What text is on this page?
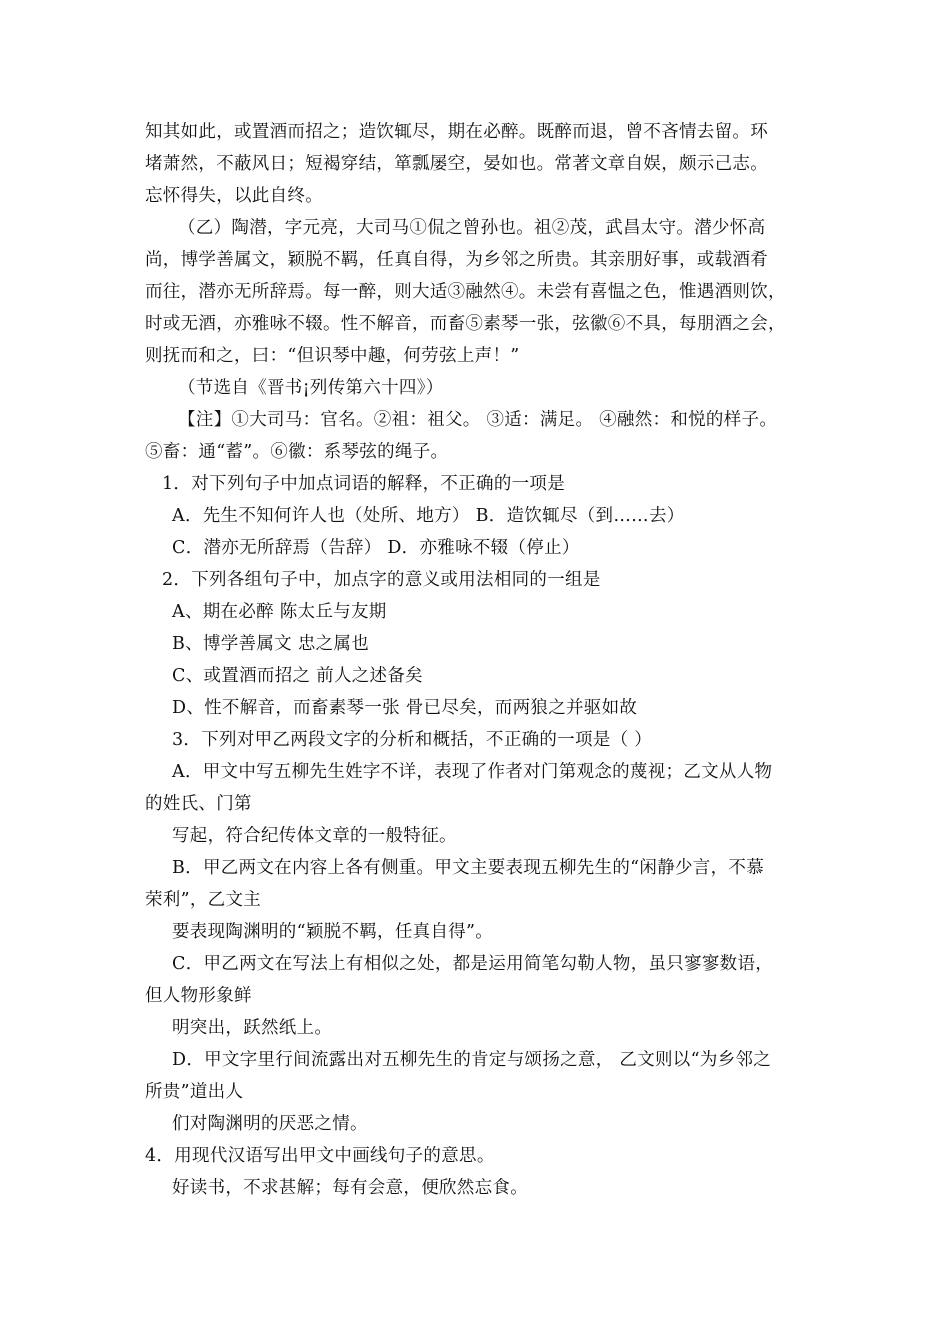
知其如此，或置酒而招之；造饮辄尽，期在必醉。既醉而退，曾不吝情去留。环
堵萧然，不蔽风日；短褐穿结，箪瓢屡空，晏如也。常著文章自娱，颇示己志。
忘怀得失，以此自终。
（乙）陶潜，字元亮，大司马①侃之曾孙也。祖②茂，武昌太守。潜少怀高
尚，博学善属文，颖脱不羁，任真自得，为乡邻之所贵。其亲朋好事，或载酒肴
而往，潜亦无所辞焉。每一醉，则大适③融然④。未尝有喜愠之色，惟遇酒则饮，
时或无酒，亦雅咏不辍。性不解音，而畜⑤素琴一张，弦徽⑥不具，每朋酒之会，
则抚而和之，曰：“但识琴中趣，何劳弦上声！”
（节选自《晋书¡列传第六十四》）
【注】①大司马：官名。②祖：祖父。 ③适：满足。 ④融然：和悦的样子。
⑤畜：通“蓄”。⑥徽：系琴弦的绳子。
1．对下列句子中加点词语的解释，不正确的一项是
A．先生不知何许人也（处所、地方） B．造饮辄尽（到……去）
C．潜亦无所辞焉（告辞） D．亦雅咏不辍（停止）
2．下列各组句子中，加点字的意义或用法相同的一组是
A、期在必醉 陈太丘与友期
B、博学善属文 忠之属也
C、或置酒而招之 前人之述备矣
D、性不解音，而畜素琴一张 骨已尽矣，而两狼之并驱如故
3．下列对甲乙两段文字的分析和概括，不正确的一项是（ ）
A．甲文中写五柳先生姓字不详，表现了作者对门第观念的蔑视；乙文从人物
的姓氏、门第
写起，符合纪传体文章的一般特征。
B．甲乙两文在内容上各有侧重。甲文主要表现五柳先生的“闲静少言，不慕
荣利”，乙文主
要表现陶渊明的“颖脱不羁，任真自得”。
C．甲乙两文在写法上有相似之处，都是运用简笔勾勒人物，虽只寥寥数语，
但人物形象鲜
明突出，跃然纸上。
D．甲文字里行间流露出对五柳先生的肯定与颂扬之意， 乙文则以“为乡邻之
所贵”道出人
们对陶渊明的厌恶之情。
4．用现代汉语写出甲文中画线句子的意思。
好读书，不求甚解；每有会意，便欣然忘食。
